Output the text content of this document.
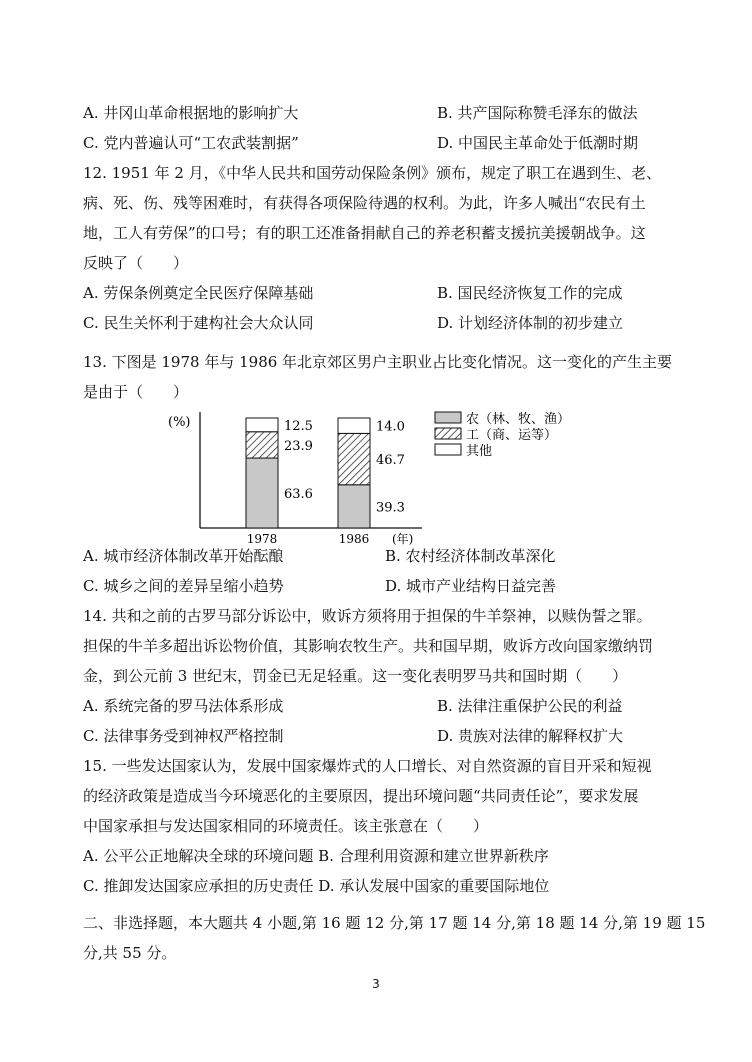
A. 井冈山革命根据地的影响扩大	B. 共产国际称赞毛泽东的做法
C. 党内普遍认可“工农武装割据”	D. 中国民主革命处于低潮时期
12. 1951 年 2 月，《中华人民共和国劳动保险条例》颁布，规定了职工在遇到生、老、
病、死、伤、残等困难时，有获得各项保险待遇的权利。为此，许多人喊出“农民有土
地，工人有劳保”的口号；有的职工还准备捐献自己的养老积蓄支援抗美援朝战争。这
反映了（　　）
A. 劳保条例奠定全民医疗保障基础	B. 国民经济恢复工作的完成
C. 民生关怀利于建构社会大众认同	D. 计划经济体制的初步建立
13. 下图是 1978 年与 1986 年北京郊区男户主职业占比变化情况。这一变化的产生主要
是由于（　　）
(%)
(年)
63.6
23.9
12.5
1978
39.3
46.7
14.0
1986
农（林、牧、渔）
工（商、运等）
其他
A. 城市经济体制改革开始酝酿	B. 农村经济体制改革深化
C. 城乡之间的差异呈缩小趋势	D. 城市产业结构日益完善
14. 共和之前的古罗马部分诉讼中，败诉方须将用于担保的牛羊祭神，以赎伪誓之罪。
担保的牛羊多超出诉讼物价值，其影响农牧生产。共和国早期，败诉方改向国家缴纳罚
金，到公元前 3 世纪末，罚金已无足轻重。这一变化表明罗马共和国时期（　　）
A. 系统完备的罗马法体系形成	B. 法律注重保护公民的利益
C. 法律事务受到神权严格控制	D. 贵族对法律的解释权扩大
15. 一些发达国家认为，发展中国家爆炸式的人口增长、对自然资源的盲目开采和短视
的经济政策是造成当今环境恶化的主要原因，提出环境问题“共同责任论”，要求发展
中国家承担与发达国家相同的环境责任。该主张意在（　　）
A. 公平公正地解决全球的环境问题 B. 合理利用资源和建立世界新秩序
C. 推卸发达国家应承担的历史责任 D. 承认发展中国家的重要国际地位
二、非选择题，本大题共 4 小题,第 16 题 12 分,第 17 题 14 分,第 18 题 14 分,第 19 题 15
分,共 55 分。
3
